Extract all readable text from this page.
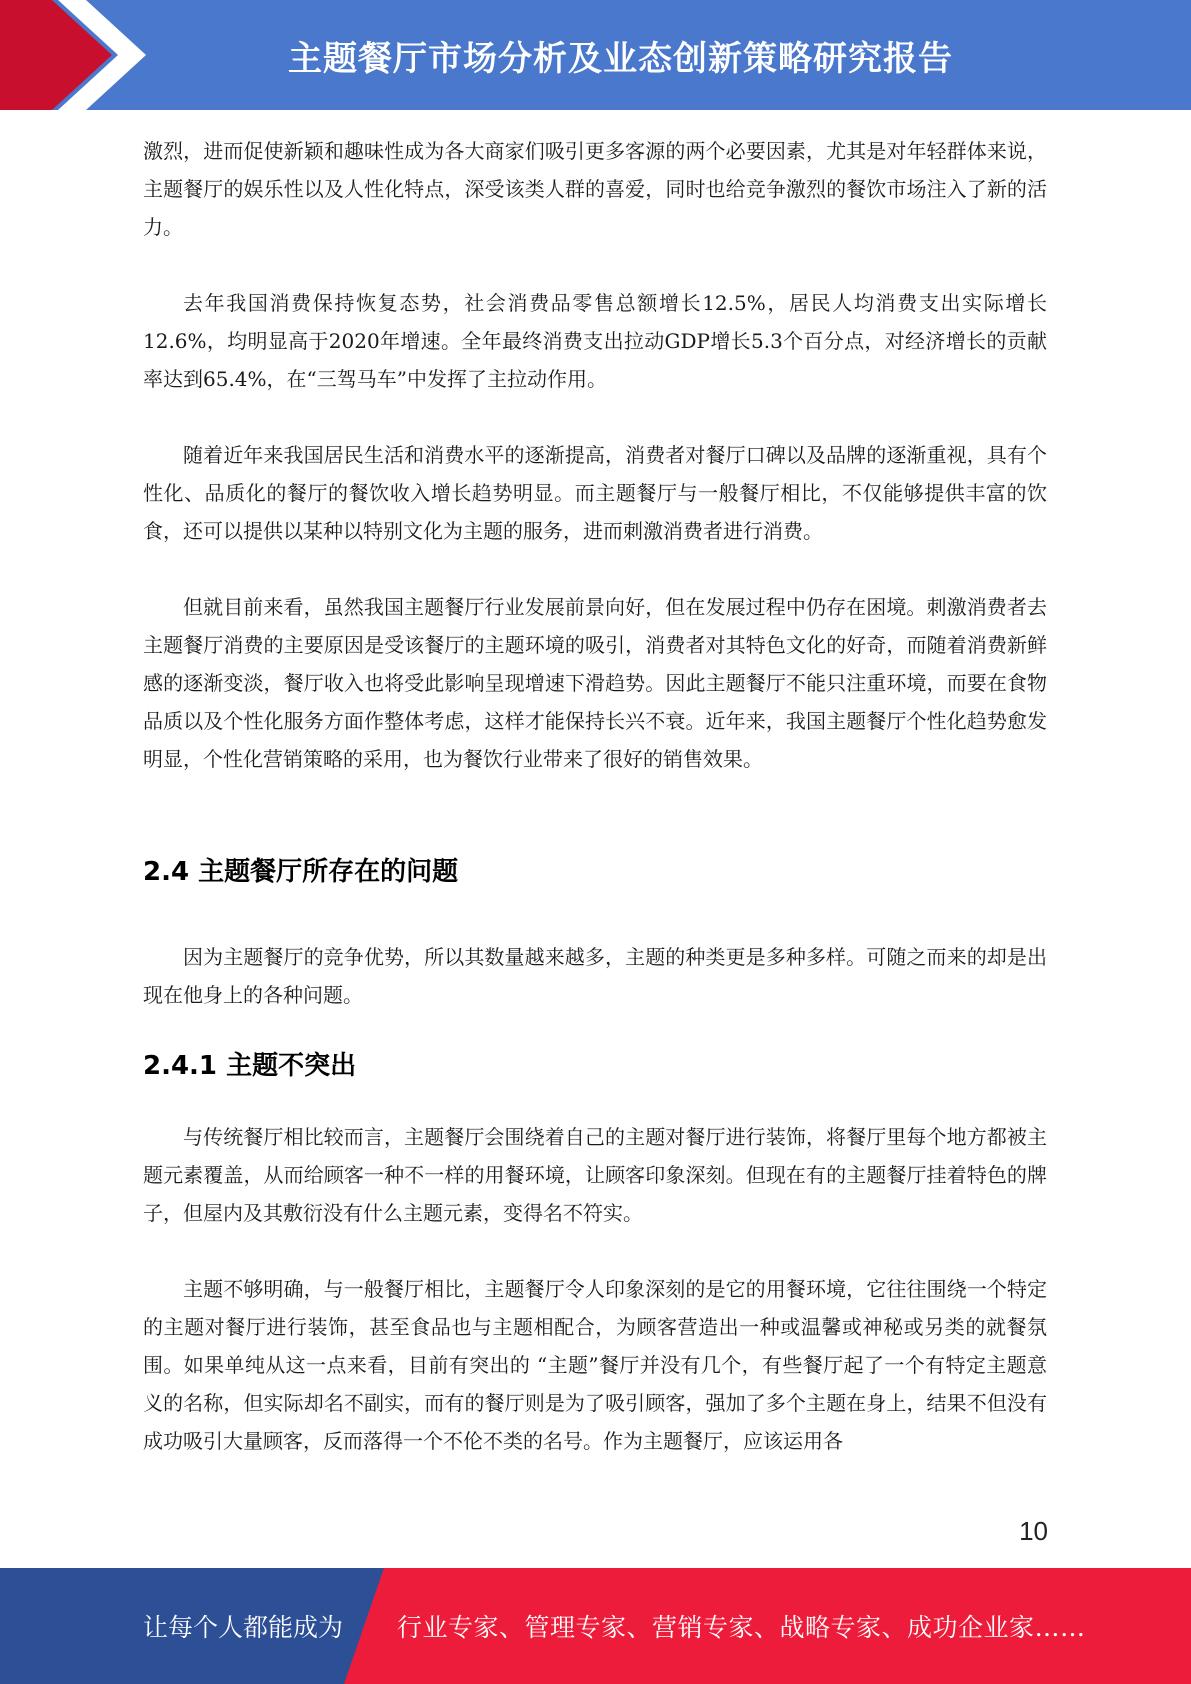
主题餐厅市场分析及业态创新策略研究报告

激烈，进而促使新颖和趣味性成为各大商家们吸引更多客源的两个必要因素，尤其是对年轻群体来说，主题餐厅的娱乐性以及人性化特点，深受该类人群的喜爱，同时也给竞争激烈的餐饮市场注入了新的活力。

去年我国消费保持恢复态势，社会消费品零售总额增长12.5%，居民人均消费支出实际增长12.6%，均明显高于2020年增速。全年最终消费支出拉动GDP增长5.3个百分点，对经济增长的贡献率达到65.4%，在“三驾马车”中发挥了主拉动作用。

随着近年来我国居民生活和消费水平的逐渐提高，消费者对餐厅口碑以及品牌的逐渐重视，具有个性化、品质化的餐厅的餐饮收入增长趋势明显。而主题餐厅与一般餐厅相比，不仅能够提供丰富的饮食，还可以提供以某种以特别文化为主题的服务，进而刺激消费者进行消费。

但就目前来看，虽然我国主题餐厅行业发展前景向好，但在发展过程中仍存在困境。刺激消费者去主题餐厅消费的主要原因是受该餐厅的主题环境的吸引，消费者对其特色文化的好奇，而随着消费新鲜感的逐渐变淡，餐厅收入也将受此影响呈现增速下滑趋势。因此主题餐厅不能只注重环境，而要在食物品质以及个性化服务方面作整体考虑，这样才能保持长兴不衰。近年来，我国主题餐厅个性化趋势愈发明显，个性化营销策略的采用，也为餐饮行业带来了很好的销售效果。

2.4 主题餐厅所存在的问题

因为主题餐厅的竞争优势，所以其数量越来越多，主题的种类更是多种多样。可随之而来的却是出现在他身上的各种问题。

2.4.1 主题不突出

与传统餐厅相比较而言，主题餐厅会围绕着自己的主题对餐厅进行装饰，将餐厅里每个地方都被主题元素覆盖，从而给顾客一种不一样的用餐环境，让顾客印象深刻。但现在有的主题餐厅挂着特色的牌子，但屋内及其敷衍没有什么主题元素，变得名不符实。

主题不够明确，与一般餐厅相比，主题餐厅令人印象深刻的是它的用餐环境，它往往围绕一个特定的主题对餐厅进行装饰，甚至食品也与主题相配合，为顾客营造出一种或温馨或神秘或另类的就餐氛围。如果单纯从这一点来看，目前有突出的 “主题”餐厅并没有几个，有些餐厅起了一个有特定主题意义的名称，但实际却名不副实，而有的餐厅则是为了吸引顾客，强加了多个主题在身上，结果不但没有成功吸引大量顾客，反而落得一个不伦不类的名号。作为主题餐厅，应该运用各

10
让每个人都能成为 行业专家、管理专家、营销专家、战略专家、成功企业家……
